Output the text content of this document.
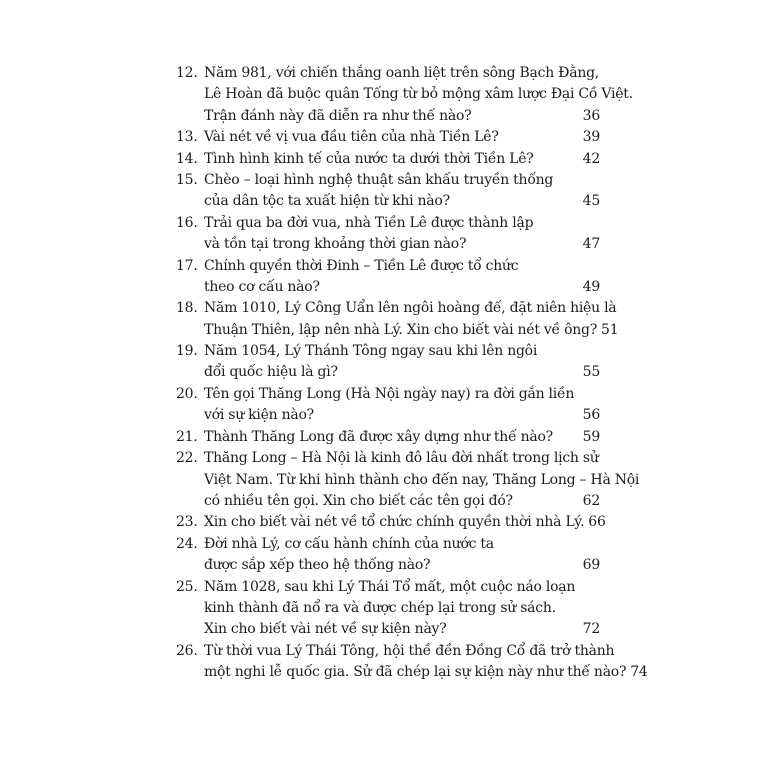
12. Năm 981, với chiến thắng oanh liệt trên sông Bạch Đằng,
Lê Hoàn đã buộc quân Tống từ bỏ mộng xâm lược Đại Cồ Việt.
Trận đánh này đã diễn ra như thế nào?	36
13. Vài nét về vị vua đầu tiên của nhà Tiền Lê?	39
14. Tình hình kinh tế của nước ta dưới thời Tiền Lê?	42
15. Chèo – loại hình nghệ thuật sân khấu truyền thống
của dân tộc ta xuất hiện từ khi nào?	45
16. Trải qua ba đời vua, nhà Tiền Lê được thành lập
và tồn tại trong khoảng thời gian nào?	47
17. Chính quyền thời Đinh – Tiền Lê được tổ chức
theo cơ cấu nào?	49
18. Năm 1010, Lý Công Uẩn lên ngôi hoàng đế, đặt niên hiệu là
Thuận Thiên, lập nên nhà Lý. Xin cho biết vài nét về ông? 51
19. Năm 1054, Lý Thánh Tông ngay sau khi lên ngôi
đổi quốc hiệu là gì?	55
20. Tên gọi Thăng Long (Hà Nội ngày nay) ra đời gắn liền
với sự kiện nào?	56
21. Thành Thăng Long đã được xây dựng như thế nào? 59
22. Thăng Long – Hà Nội là kinh đô lâu đời nhất trong lịch sử
Việt Nam. Từ khi hình thành cho đến nay, Thăng Long – Hà Nội
có nhiều tên gọi. Xin cho biết các tên gọi đó?	62
23. Xin cho biết vài nét về tổ chức chính quyền thời nhà Lý. 66
24. Đời nhà Lý, cơ cấu hành chính của nước ta
được sắp xếp theo hệ thống nào?	69
25. Năm 1028, sau khi Lý Thái Tổ mất, một cuộc náo loạn
kinh thành đã nổ ra và được chép lại trong sử sách.
Xin cho biết vài nét về sự kiện này?	72
26. Từ thời vua Lý Thái Tông, hội thề đền Đồng Cổ đã trở thành
một nghi lễ quốc gia. Sử đã chép lại sự kiện này như thế nào? 74
